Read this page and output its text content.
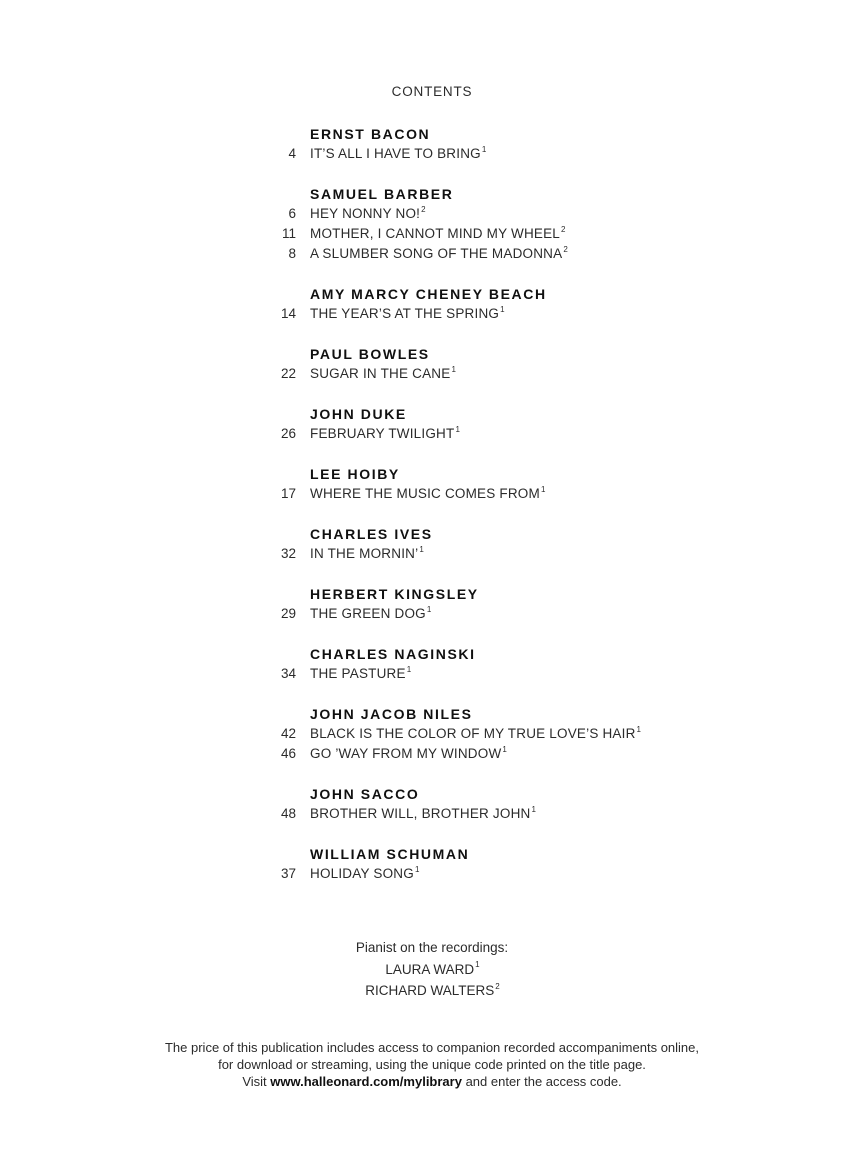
CONTENTS
ERNST BACON
4 IT’S ALL I HAVE TO BRING$^1$
SAMUEL BARBER
6 HEY NONNY NO!$^2$
11 MOTHER, I CANNOT MIND MY WHEEL$^2$
8 A SLUMBER SONG OF THE MADONNA$^2$
AMY MARCY CHENEY BEACH
14 THE YEAR’S AT THE SPRING$^1$
PAUL BOWLES
22 SUGAR IN THE CANE$^1$
JOHN DUKE
26 FEBRUARY TWILIGHT$^1$
LEE HOIBY
17 WHERE THE MUSIC COMES FROM$^1$
CHARLES IVES
32 IN THE MORNIN’$^1$
HERBERT KINGSLEY
29 THE GREEN DOG$^1$
CHARLES NAGINSKI
34 THE PASTURE$^1$
JOHN JACOB NILES
42 BLACK IS THE COLOR OF MY TRUE LOVE’S HAIR$^1$
46 GO ’WAY FROM MY WINDOW$^1$
JOHN SACCO
48 BROTHER WILL, BROTHER JOHN$^1$
WILLIAM SCHUMAN
37 HOLIDAY SONG$^1$
Pianist on the recordings:
LAURA WARD$^1$
RICHARD WALTERS$^2$
The price of this publication includes access to companion recorded accompaniments online,
for download or streaming, using the unique code printed on the title page.
Visit www.halleonard.com/mylibrary and enter the access code.
